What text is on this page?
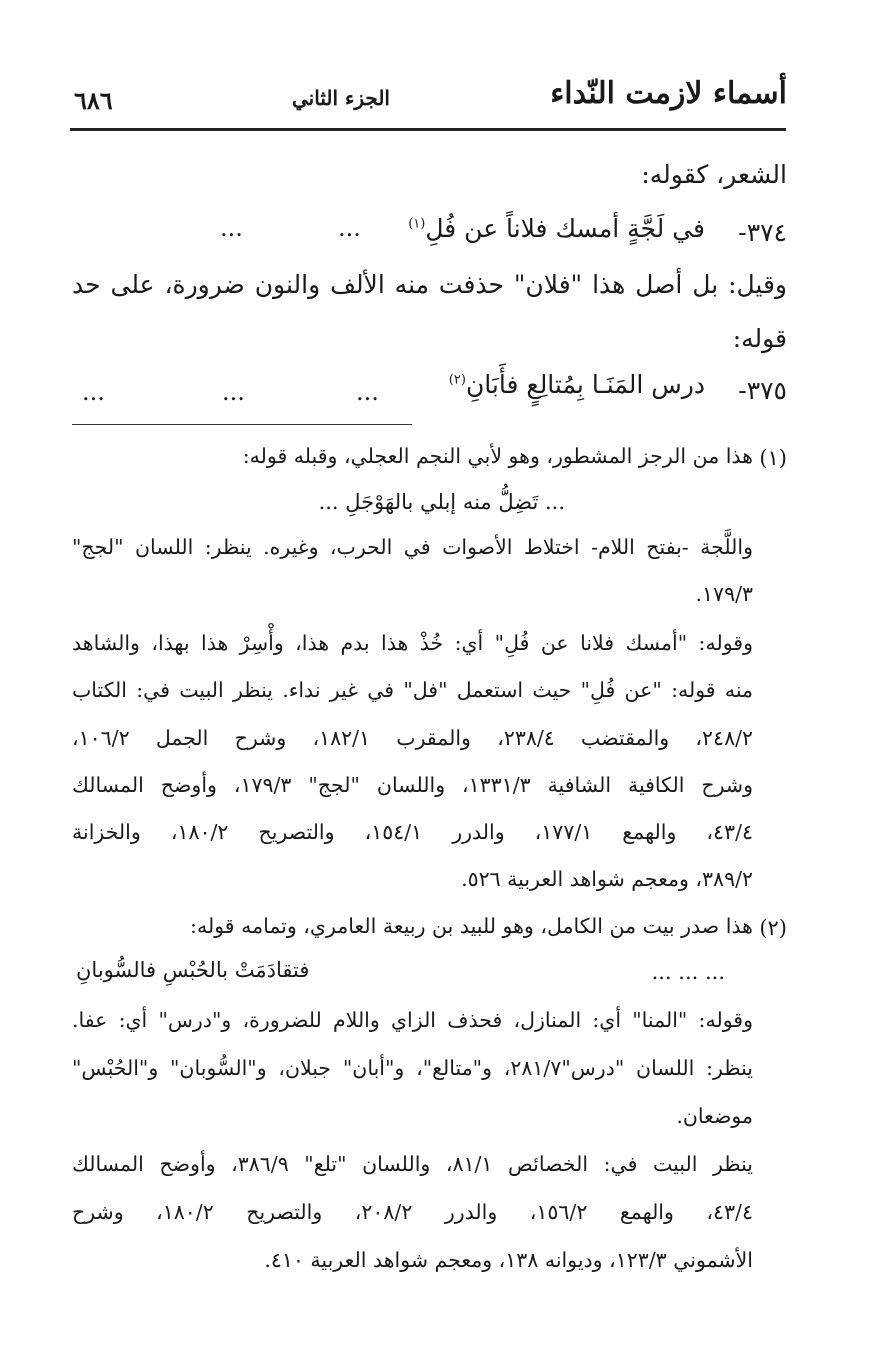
أسماء لازمت النّداء
الجزء الثاني
٦٨٦
الشعر، كقوله:
٣٧٤-
في لَجَّةٍ أمسك فلاناً عن فُلِ$^{(١)}$
...
...
وقيل: بل أصل هذا "فلان" حذفت منه الألف والنون ضرورة، على حد
قوله:
٣٧٥-
درس المَنَـا بِمُتالِعٍ فأَبَانِ$^{(٢)}$
...
...
...
(١)
هذا من الرجز المشطور، وهو لأبي النجم العجلي، وقبله قوله:
... تَضِلُّ منه إبلي بالهَوْجَلِ ...
واللَّجة -بفتح اللام- اختلاط الأصوات في الحرب، وغيره. ينظر: اللسان "لجج"
١٧٩/٣.
وقوله: "أمسك فلانا عن فُلِ" أي: خُذْ هذا بدم هذا، وأْسِرْ هذا بهذا، والشاهد
منه قوله: "عن فُلِ" حيث استعمل "فل" في غير نداء. ينظر البيت في: الكتاب
٢٤٨/٢، والمقتضب ٢٣٨/٤، والمقرب ١٨٢/١، وشرح الجمل ١٠٦/٢،
وشرح الكافية الشافية ١٣٣١/٣، واللسان "لجج" ١٧٩/٣، وأوضح المسالك
٤٣/٤، والهمع ١٧٧/١، والدرر ١٥٤/١، والتصريح ١٨٠/٢، والخزانة
٣٨٩/٢، ومعجم شواهد العربية ٥٢٦.
(٢)
هذا صدر بيت من الكامل، وهو للبيد بن ربيعة العامري، وتمامه قوله:
... ... ...
فتقادَمَتْ بالحُبْسِ فالسُّوبانِ
وقوله: "المنا" أي: المنازل، فحذف الزاي واللام للضرورة، و"درس" أي: عفا.
ينظر: اللسان "درس"٢٨١/٧، و"متالع"، و"أبان" جبلان، و"السُّوبان" و"الحُبْس"
موضعان.
ينظر البيت في: الخصائص ٨١/١، واللسان "تلع" ٣٨٦/٩، وأوضح المسالك
٤٣/٤، والهمع ١٥٦/٢، والدرر ٢٠٨/٢، والتصريح ١٨٠/٢، وشرح
الأشموني ١٢٣/٣، وديوانه ١٣٨، ومعجم شواهد العربية ٤١٠.
